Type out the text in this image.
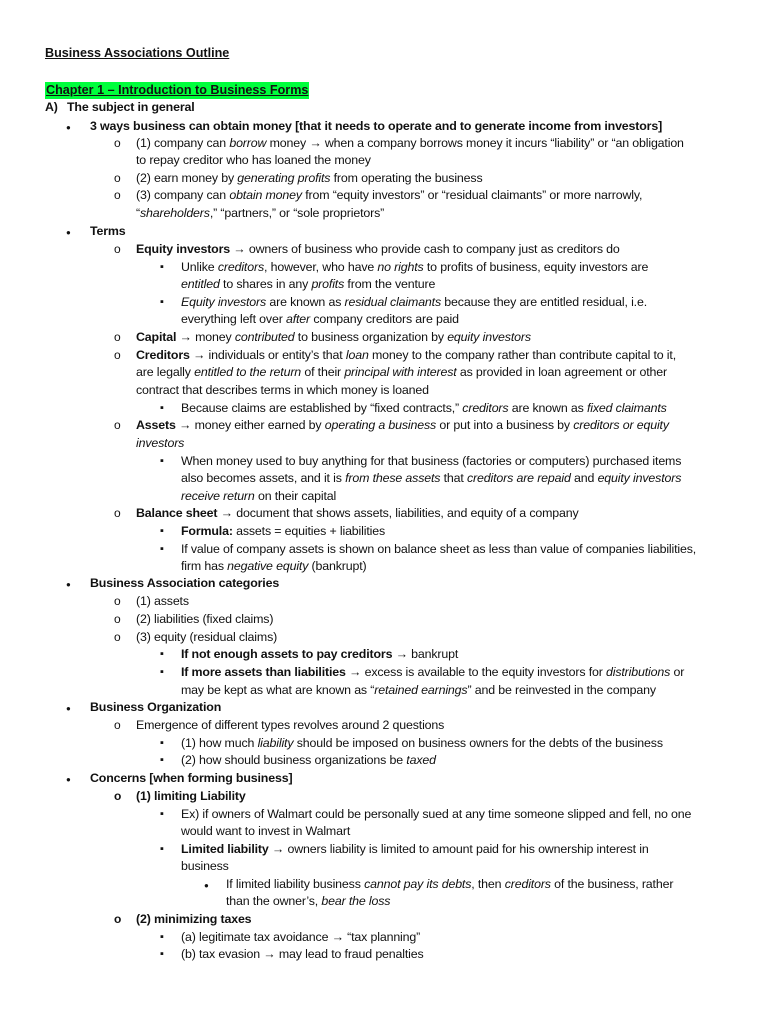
Business Associations Outline
Chapter 1 – Introduction to Business Forms
A) The subject in general
● 3 ways business can obtain money [that it needs to operate and to generate income from investors]
o (1) company can borrow money → when a company borrows money it incurs “liability” or “an obligation
to repay creditor who has loaned the money
o (2) earn money by generating profits from operating the business
o (3) company can obtain money from “equity investors” or “residual claimants” or more narrowly,
“shareholders,” “partners,” or “sole proprietors”
● Terms
o Equity investors → owners of business who provide cash to company just as creditors do
▪ Unlike creditors, however, who have no rights to profits of business, equity investors are
entitled to shares in any profits from the venture
▪ Equity investors are known as residual claimants because they are entitled residual, i.e.
everything left over after company creditors are paid
o Capital → money contributed to business organization by equity investors
o Creditors → individuals or entity’s that loan money to the company rather than contribute capital to it,
are legally entitled to the return of their principal with interest as provided in loan agreement or other
contract that describes terms in which money is loaned
▪ Because claims are established by “fixed contracts,” creditors are known as fixed claimants
o Assets → money either earned by operating a business or put into a business by creditors or equity
investors
▪ When money used to buy anything for that business (factories or computers) purchased items
also becomes assets, and it is from these assets that creditors are repaid and equity investors
receive return on their capital
o Balance sheet → document that shows assets, liabilities, and equity of a company
▪ Formula: assets = equities + liabilities
▪ If value of company assets is shown on balance sheet as less than value of companies liabilities,
firm has negative equity (bankrupt)
● Business Association categories
o (1) assets
o (2) liabilities (fixed claims)
o (3) equity (residual claims)
▪ If not enough assets to pay creditors → bankrupt
▪ If more assets than liabilities → excess is available to the equity investors for distributions or
may be kept as what are known as “retained earnings” and be reinvested in the company
● Business Organization
o Emergence of different types revolves around 2 questions
▪ (1) how much liability should be imposed on business owners for the debts of the business
▪ (2) how should business organizations be taxed
● Concerns [when forming business]
o (1) limiting Liability
▪ Ex) if owners of Walmart could be personally sued at any time someone slipped and fell, no one
would want to invest in Walmart
▪ Limited liability → owners liability is limited to amount paid for his ownership interest in
business
● If limited liability business cannot pay its debts, then creditors of the business, rather
than the owner’s, bear the loss
o (2) minimizing taxes
▪ (a) legitimate tax avoidance → “tax planning”
▪ (b) tax evasion → may lead to fraud penalties
